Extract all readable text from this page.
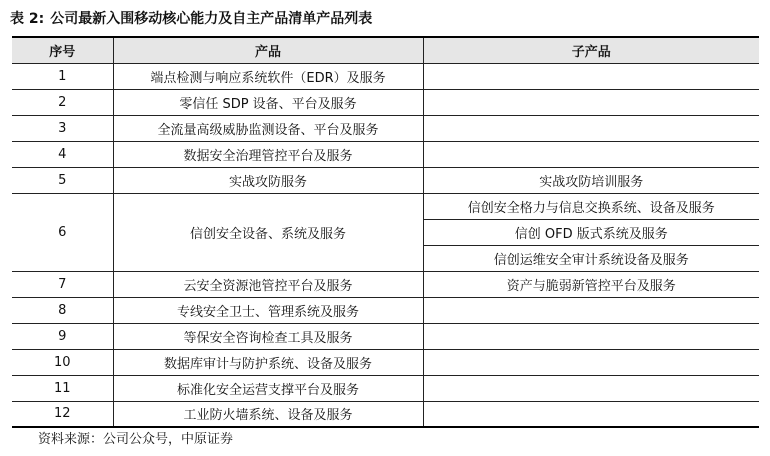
表 2: 公司最新入围移动核心能力及自主产品清单产品列表
序号	产品	子产品
1	端点检测与响应系统软件（EDR）及服务	
2	零信任 SDP 设备、平台及服务	
3	全流量高级威胁监测设备、平台及服务	
4	数据安全治理管控平台及服务	
5	实战攻防服务	实战攻防培训服务
6	信创安全设备、系统及服务	信创安全格力与信息交换系统、设备及服务
		信创 OFD 版式系统及服务
		信创运维安全审计系统设备及服务
7	云安全资源池管控平台及服务	资产与脆弱新管控平台及服务
8	专线安全卫士、管理系统及服务	
9	等保安全咨询检查工具及服务	
10	数据库审计与防护系统、设备及服务	
11	标准化安全运营支撑平台及服务	
12	工业防火墙系统、设备及服务	
资料来源：公司公众号，中原证券
